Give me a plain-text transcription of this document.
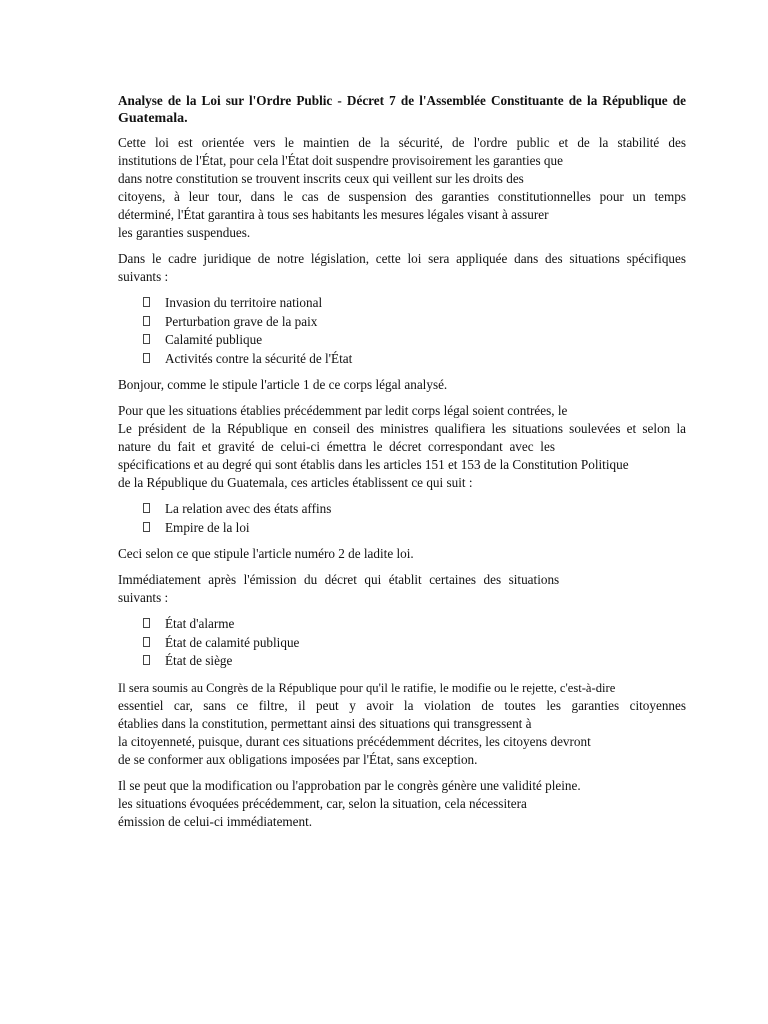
Analyse de la Loi sur l'Ordre Public - Décret 7 de l'Assemblée Constituante de la République de
Guatemala.
Cette loi est orientée vers le maintien de la sécurité, de l'ordre public et de la stabilité des
institutions de l'État, pour cela l'État doit suspendre provisoirement les garanties que
dans notre constitution se trouvent inscrits ceux qui veillent sur les droits des
citoyens, à leur tour, dans le cas de suspension des garanties constitutionnelles pour un temps
déterminé, l'État garantira à tous ses habitants les mesures légales visant à assurer
les garanties suspendues.
Dans le cadre juridique de notre législation, cette loi sera appliquée dans des situations spécifiques
suivants :
Invasion du territoire national
Perturbation grave de la paix
Calamité publique
Activités contre la sécurité de l'État
Bonjour, comme le stipule l'article 1 de ce corps légal analysé.
Pour que les situations établies précédemment par ledit corps légal soient contrées, le
Le président de la République en conseil des ministres qualifiera les situations soulevées et selon la
nature du fait et gravité de celui-ci émettra le décret correspondant avec les
spécifications et au degré qui sont établis dans les articles 151 et 153 de la Constitution Politique
de la République du Guatemala, ces articles établissent ce qui suit :
La relation avec des états affins
Empire de la loi
Ceci selon ce que stipule l'article numéro 2 de ladite loi.
Immédiatement après l'émission du décret qui établit certaines des situations
suivants :
État d'alarme
État de calamité publique
État de siège
Il sera soumis au Congrès de la République pour qu'il le ratifie, le modifie ou le rejette, c'est-à-dire
essentiel car, sans ce filtre, il peut y avoir la violation de toutes les garanties citoyennes
établies dans la constitution, permettant ainsi des situations qui transgressent à
la citoyenneté, puisque, durant ces situations précédemment décrites, les citoyens devront
de se conformer aux obligations imposées par l'État, sans exception.
Il se peut que la modification ou l'approbation par le congrès génère une validité pleine.
les situations évoquées précédemment, car, selon la situation, cela nécessitera
émission de celui-ci immédiatement.
